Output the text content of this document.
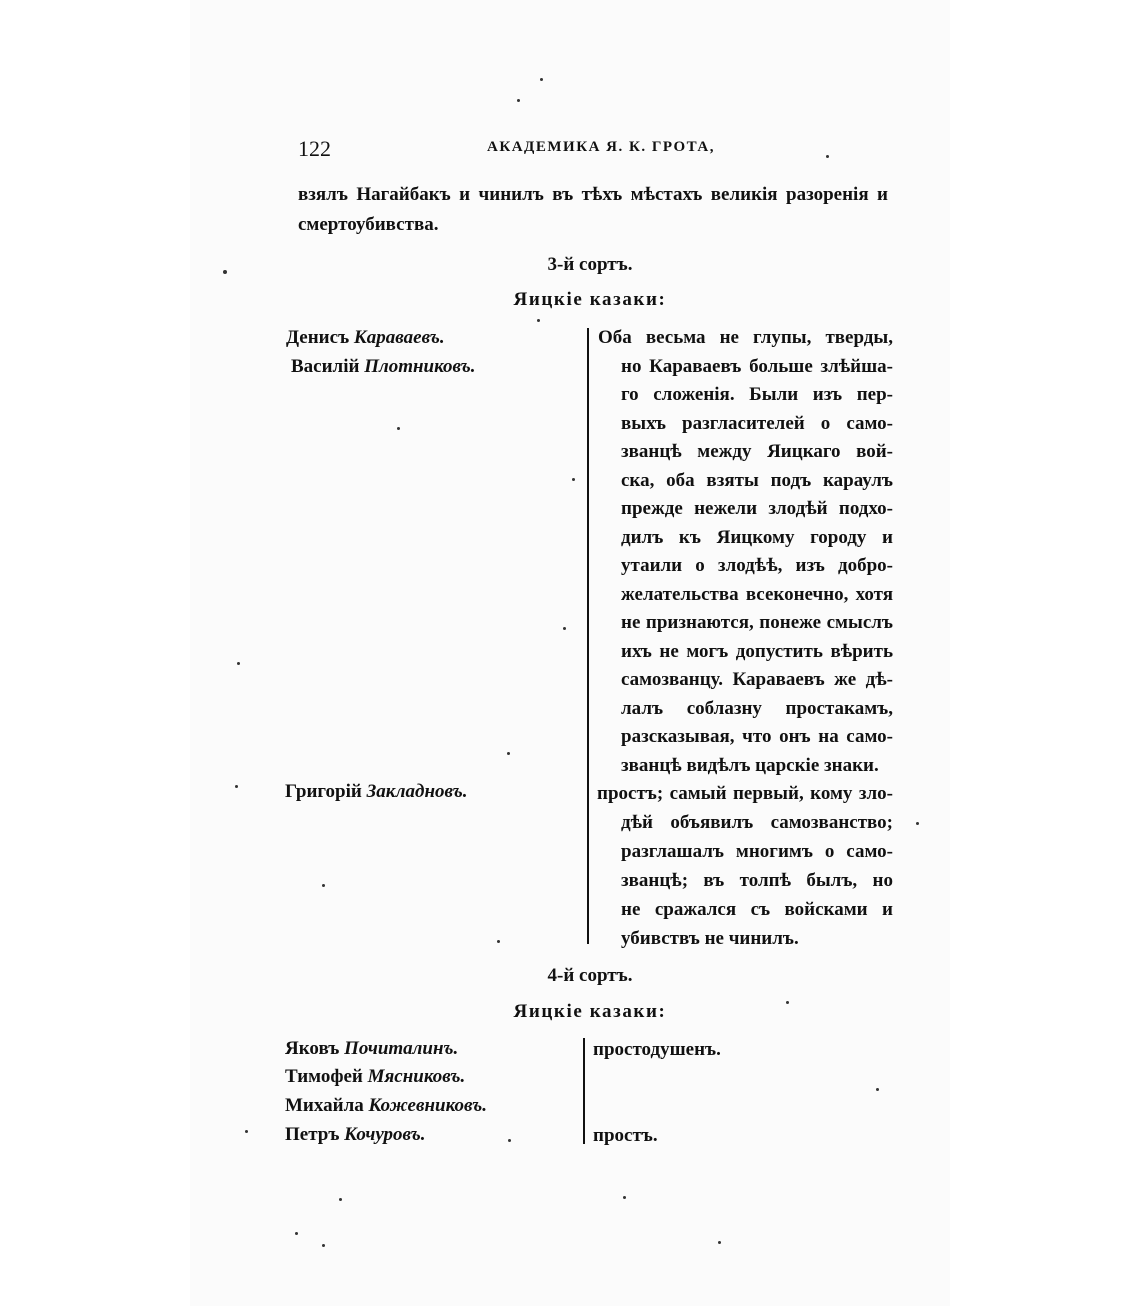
122	АКАДЕМИКА Я. К. ГРОТА,
взялъ Нагайбакъ и чинилъ въ тѣхъ мѣстахъ великія разоренія и
смертоубивства.
3-й сортъ.
Яицкіе казаки:
Денисъ Караваевъ.
Василій Плотниковъ.
Григорій Закладновъ.
Оба весьма не глупы, тверды,
но Караваевъ больше злѣйша-
го сложенія. Были изъ пер-
выхъ разгласителей о само-
званцѣ между Яицкаго вой-
ска, оба взяты подъ караулъ
прежде нежели злодѣй подхо-
дилъ къ Яицкому городу и
утаили о злодѣѣ, изъ добро-
желательства всеконечно, хотя
не признаются, понеже смыслъ
ихъ не могъ допустить вѣрить
самозванцу. Караваевъ же дѣ-
лалъ соблазну простакамъ,
разсказывая, что онъ на само-
званцѣ видѣлъ царскіе знаки.
простъ; самый первый, кому зло-
дѣй объявилъ самозванство;
разглашалъ многимъ о само-
званцѣ; въ толпѣ былъ, но
не сражался съ войсками и
убивствъ не чинилъ.
4-й сортъ.
Яицкіе казаки:
Яковъ Почиталинъ.
Тимофей Мясниковъ.
Михайла Кожевниковъ.
Петръ Кочуровъ.
простодушенъ.
простъ.
